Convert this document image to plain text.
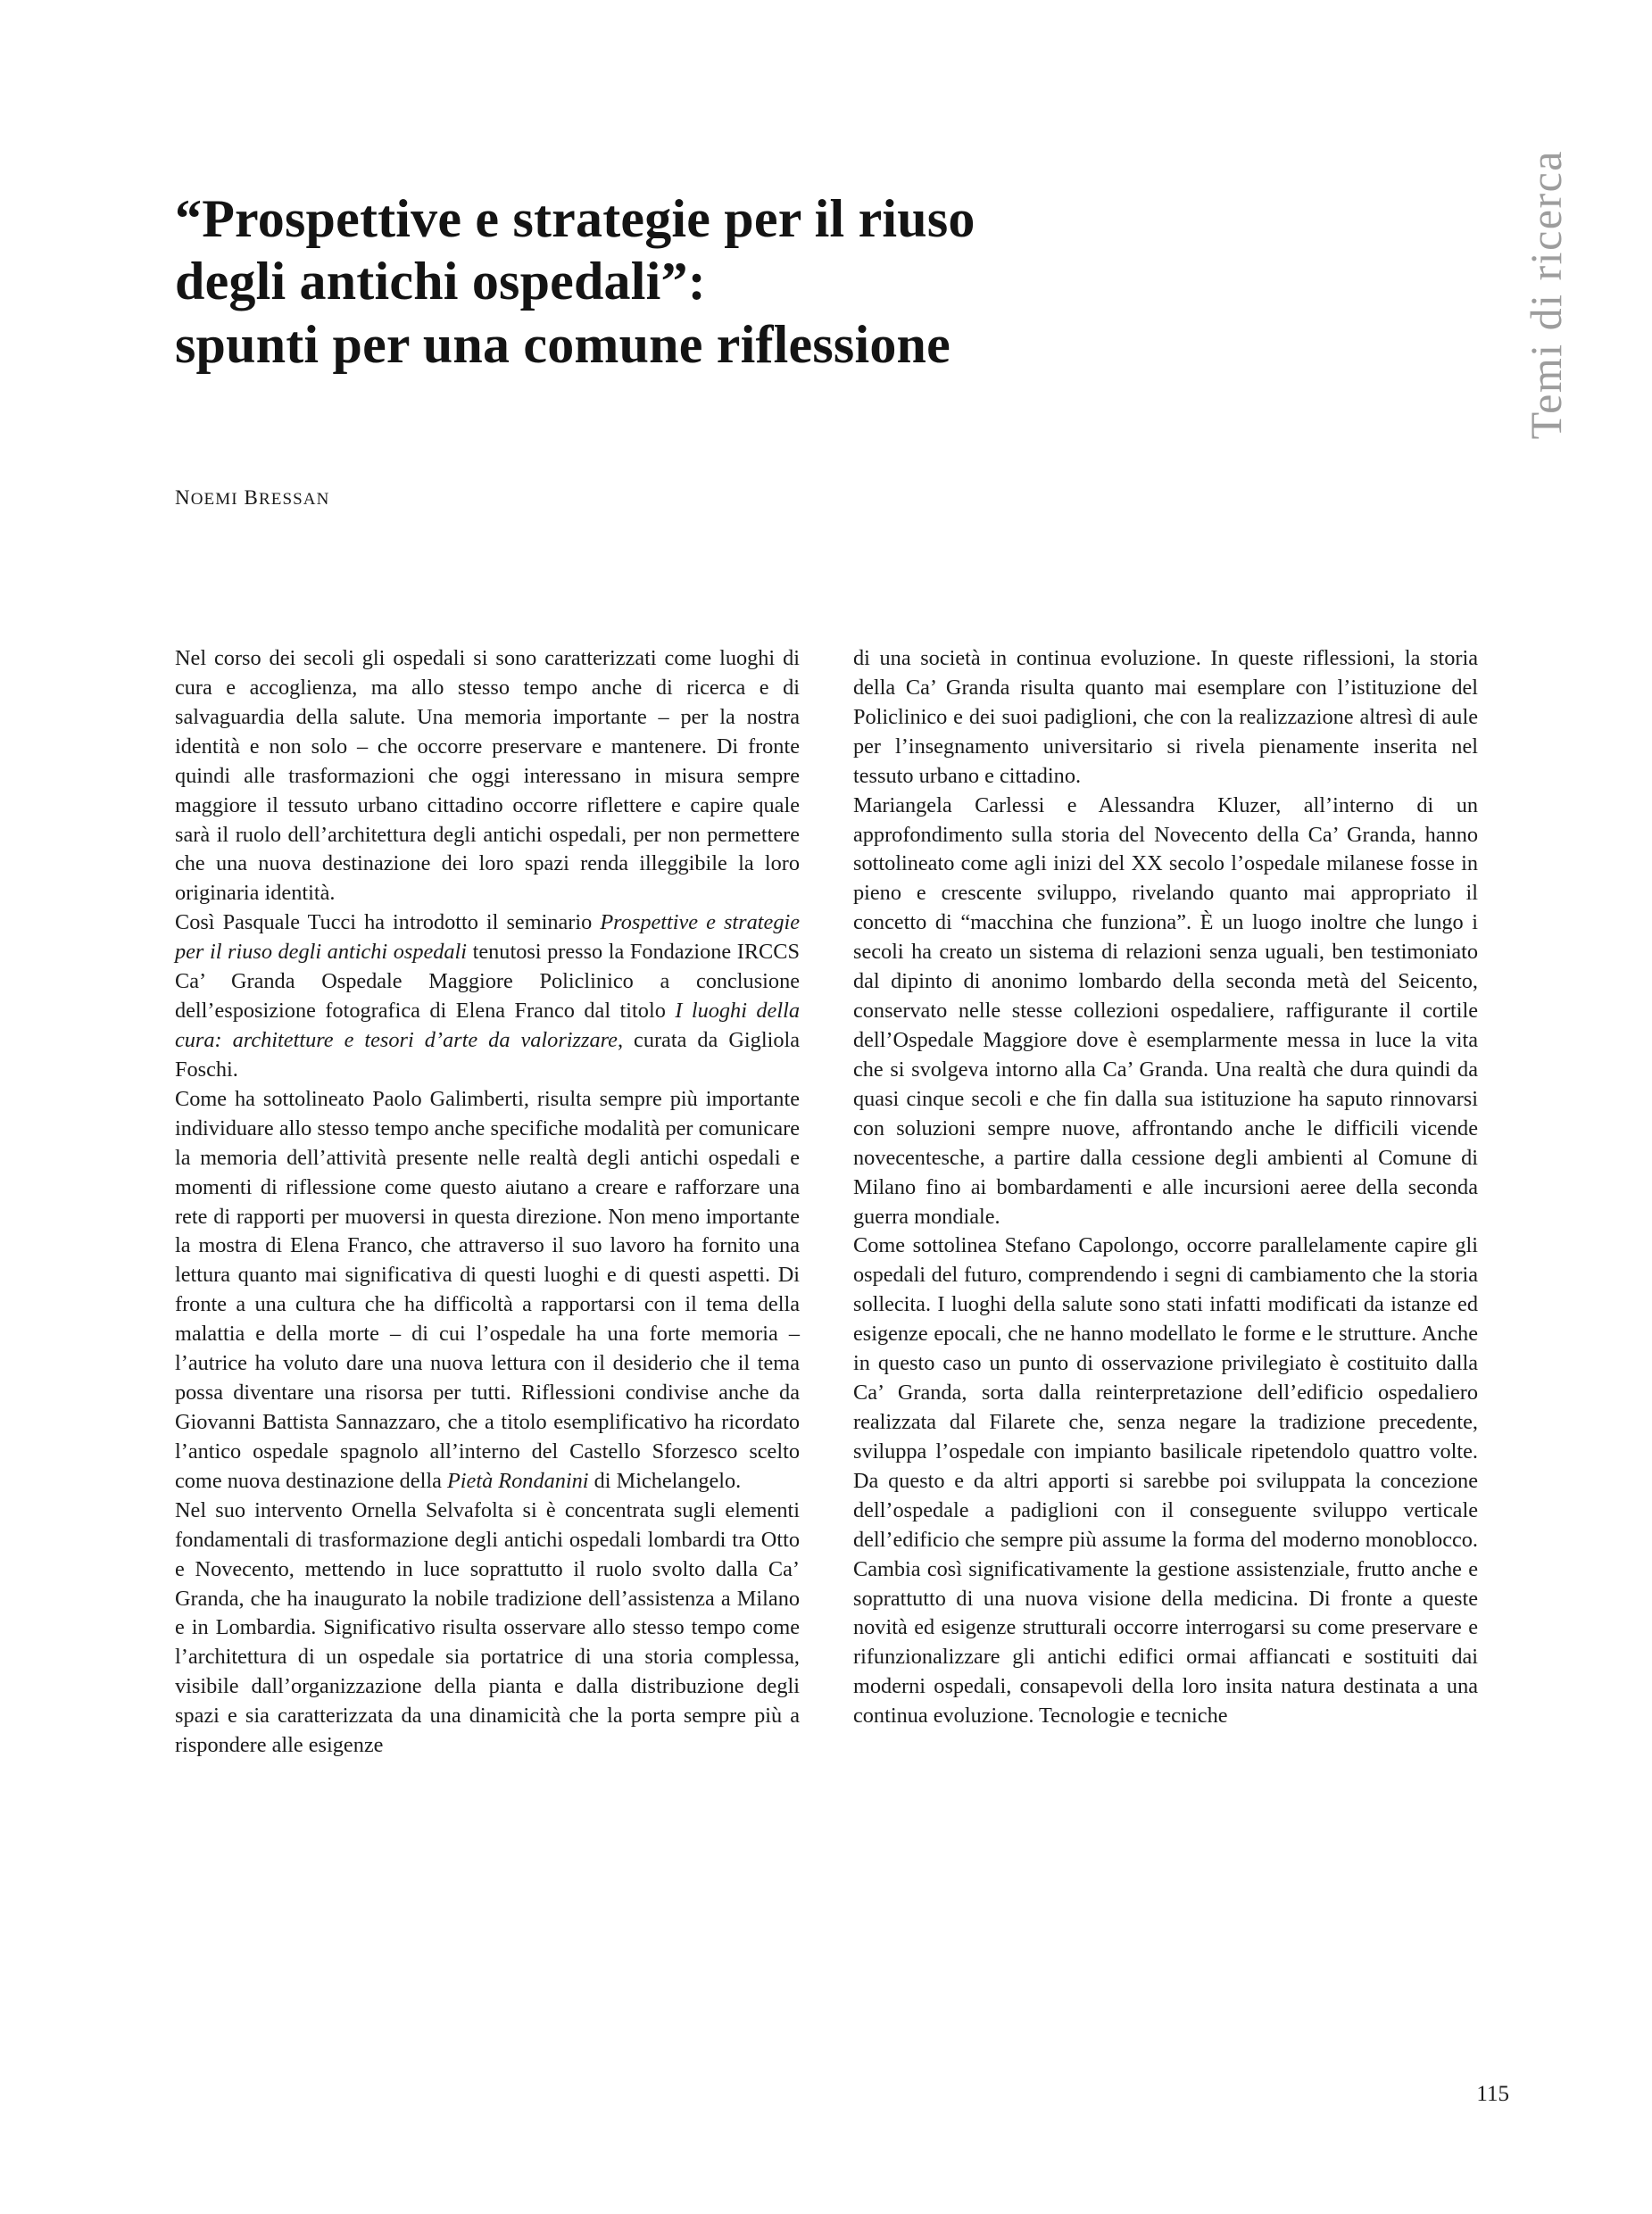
Temi di ricerca
“Prospettive e strategie per il riuso
degli antichi ospedali”:
spunti per una comune riflessione
NOEMI BRESSAN

Nel corso dei secoli gli ospedali si sono caratterizzati come luoghi di cura e accoglienza, ma allo stesso tempo anche di ricerca e di salvaguardia della salute. Una memoria importante – per la nostra identità e non solo – che occorre preservare e mantenere. Di fronte quindi alle trasformazioni che oggi interessano in misura sempre maggiore il tessuto urbano cittadino occorre riflettere e capire quale sarà il ruolo dell’architettura degli antichi ospedali, per non permettere che una nuova destinazione dei loro spazi renda illeggibile la loro originaria identità.

Così Pasquale Tucci ha introdotto il seminario Prospettive e strategie per il riuso degli antichi ospedali tenutosi presso la Fondazione IRCCS Ca’ Granda Ospedale Maggiore Policlinico a conclusione dell’esposizione fotografica di Elena Franco dal titolo I luoghi della cura: architetture e tesori d’arte da valorizzare, curata da Gigliola Foschi.

Come ha sottolineato Paolo Galimberti, risulta sempre più importante individuare allo stesso tempo anche specifiche modalità per comunicare la memoria dell’attività presente nelle realtà degli antichi ospedali e momenti di riflessione come questo aiutano a creare e rafforzare una rete di rapporti per muoversi in questa direzione. Non meno importante la mostra di Elena Franco, che attraverso il suo lavoro ha fornito una lettura quanto mai significativa di questi luoghi e di questi aspetti. Di fronte a una cultura che ha difficoltà a rapportarsi con il tema della malattia e della morte – di cui l’ospedale ha una forte memoria – l’autrice ha voluto dare una nuova lettura con il desiderio che il tema possa diventare una risorsa per tutti. Riflessioni condivise anche da Giovanni Battista Sannazzaro, che a titolo esemplificativo ha ricordato l’antico ospedale spagnolo all’interno del Castello Sforzesco scelto come nuova destinazione della Pietà Rondanini di Michelangelo.

Nel suo intervento Ornella Selvafolta si è concentrata sugli elementi fondamentali di trasformazione degli antichi ospedali lombardi tra Otto e Novecento, mettendo in luce soprattutto il ruolo svolto dalla Ca’ Granda, che ha inaugurato la nobile tradizione dell’assistenza a Milano e in Lombardia. Significativo risulta osservare allo stesso tempo come l’architettura di un ospedale sia portatrice di una storia complessa, visibile dall’organizzazione della pianta e dalla distribuzione degli spazi e sia caratterizzata da una dinamicità che la porta sempre più a rispondere alle esigenze

di una società in continua evoluzione. In queste riflessioni, la storia della Ca’ Granda risulta quanto mai esemplare con l’istituzione del Policlinico e dei suoi padiglioni, che con la realizzazione altresì di aule per l’insegnamento universitario si rivela pienamente inserita nel tessuto urbano e cittadino.

Mariangela Carlessi e Alessandra Kluzer, all’interno di un approfondimento sulla storia del Novecento della Ca’ Granda, hanno sottolineato come agli inizi del XX secolo l’ospedale milanese fosse in pieno e crescente sviluppo, rivelando quanto mai appropriato il concetto di “macchina che funziona”. È un luogo inoltre che lungo i secoli ha creato un sistema di relazioni senza uguali, ben testimoniato dal dipinto di anonimo lombardo della seconda metà del Seicento, conservato nelle stesse collezioni ospedaliere, raffigurante il cortile dell’Ospedale Maggiore dove è esemplarmente messa in luce la vita che si svolgeva intorno alla Ca’ Granda. Una realtà che dura quindi da quasi cinque secoli e che fin dalla sua istituzione ha saputo rinnovarsi con soluzioni sempre nuove, affrontando anche le difficili vicende novecentesche, a partire dalla cessione degli ambienti al Comune di Milano fino ai bombardamenti e alle incursioni aeree della seconda guerra mondiale.

Come sottolinea Stefano Capolongo, occorre parallelamente capire gli ospedali del futuro, comprendendo i segni di cambiamento che la storia sollecita. I luoghi della salute sono stati infatti modificati da istanze ed esigenze epocali, che ne hanno modellato le forme e le strutture. Anche in questo caso un punto di osservazione privilegiato è costituito dalla Ca’ Granda, sorta dalla reinterpretazione dell’edificio ospedaliero realizzata dal Filarete che, senza negare la tradizione precedente, sviluppa l’ospedale con impianto basilicale ripetendolo quattro volte. Da questo e da altri apporti si sarebbe poi sviluppata la concezione dell’ospedale a padiglioni con il conseguente sviluppo verticale dell’edificio che sempre più assume la forma del moderno monoblocco. Cambia così significativamente la gestione assistenziale, frutto anche e soprattutto di una nuova visione della medicina. Di fronte a queste novità ed esigenze strutturali occorre interrogarsi su come preservare e rifunzionalizzare gli antichi edifici ormai affiancati e sostituiti dai moderni ospedali, consapevoli della loro insita natura destinata a una continua evoluzione. Tecnologie e tecniche

115
